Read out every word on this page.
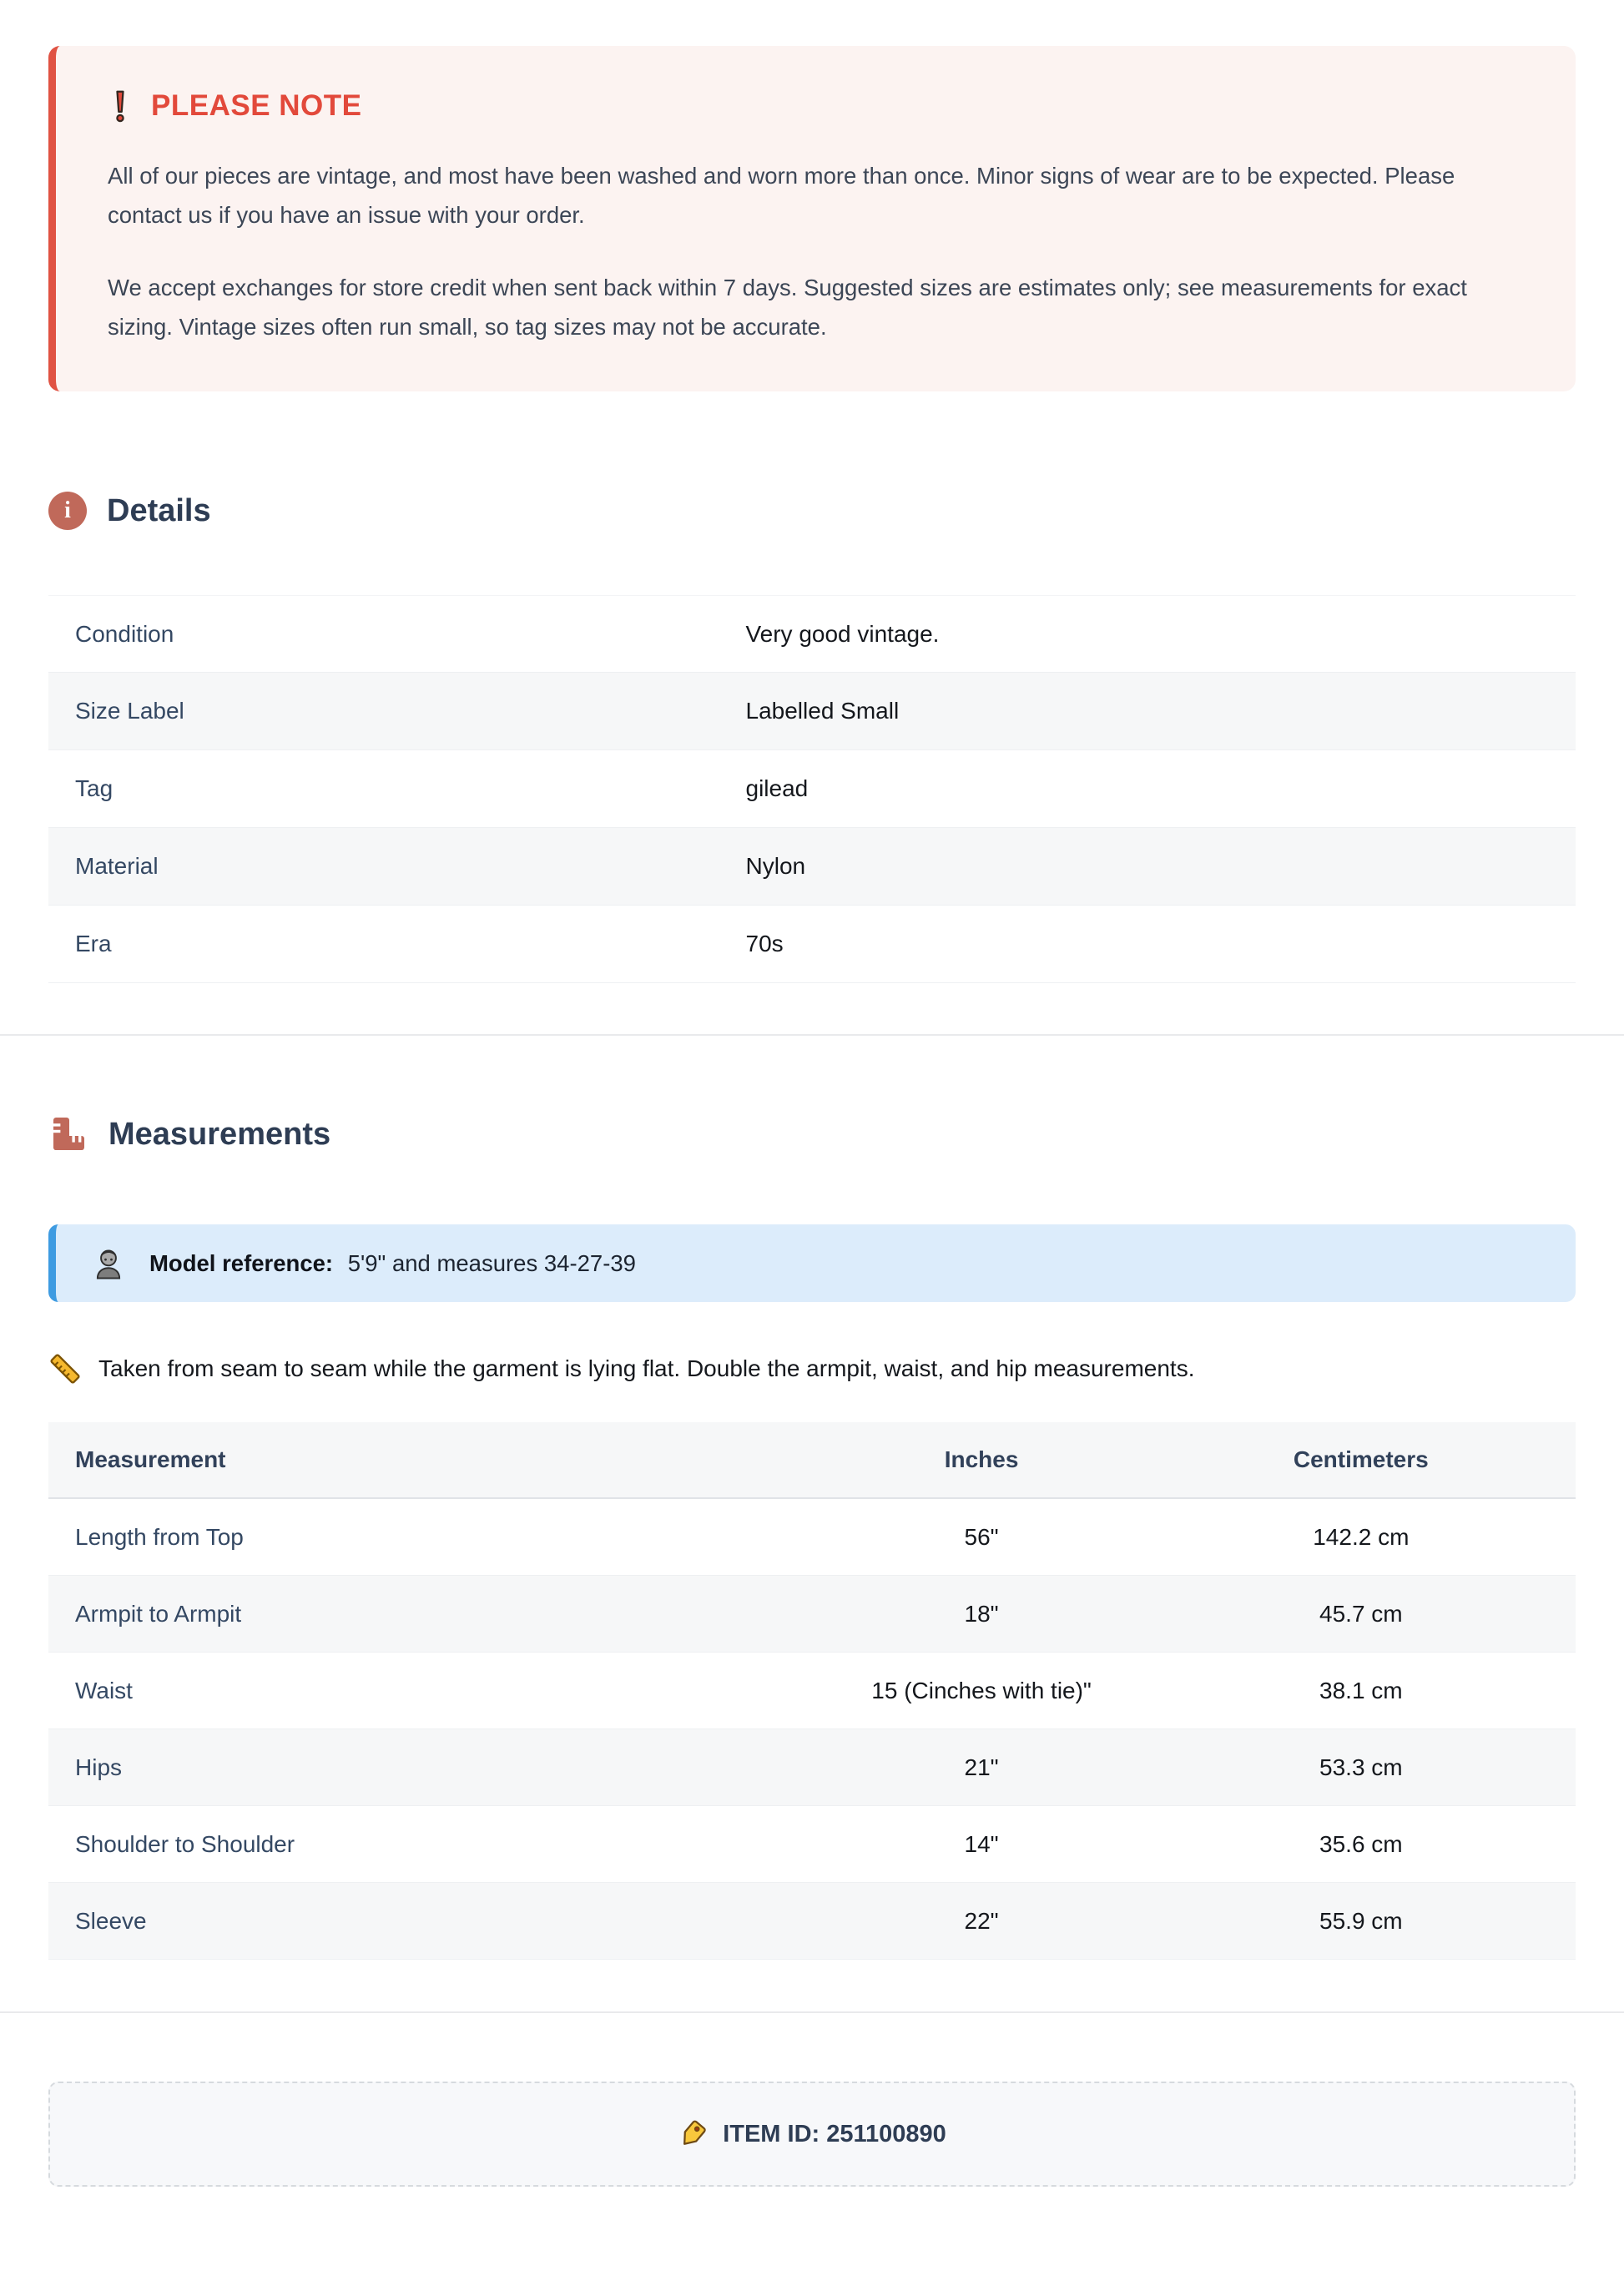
PLEASE NOTE

All of our pieces are vintage, and most have been washed and worn more than once. Minor signs of wear are to be expected. Please contact us if you have an issue with your order.

We accept exchanges for store credit when sent back within 7 days. Suggested sizes are estimates only; see measurements for exact sizing. Vintage sizes often run small, so tag sizes may not be accurate.

i	Details
Condition	Very good vintage.
Size Label	Labelled Small
Tag	gilead
Material	Nylon
Era	70s
Measurements

Model reference: 5'9" and measures 34-27-39

Taken from seam to seam while the garment is lying flat. Double the armpit, waist, and hip measurements.
Measurement	Inches	Centimeters
Length from Top	56"	142.2 cm
Armpit to Armpit	18"	45.7 cm
Waist	15 (Cinches with tie)"	38.1 cm
Hips	21"	53.3 cm
Shoulder to Shoulder	14"	35.6 cm
Sleeve	22"	55.9 cm
ITEM ID: 251100890
